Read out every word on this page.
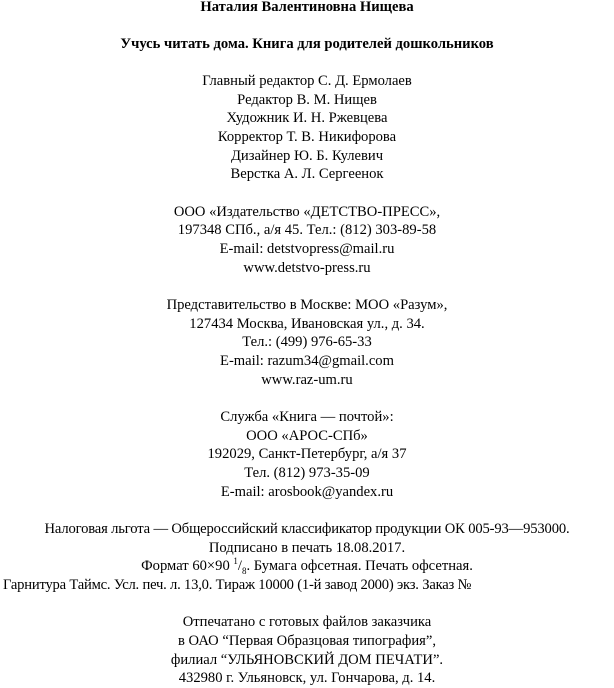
Наталия Валентиновна Нищева
Учусь читать дома. Книга для родителей дошкольников
Главный редактор С. Д. Ермолаев
Редактор В. М. Нищев
Художник И. Н. Ржевцева
Корректор Т. В. Никифорова
Дизайнер Ю. Б. Кулевич
Верстка А. Л. Сергеенок
ООО «Издательство «ДЕТСТВО-ПРЕСС»,
197348 СПб., а/я 45. Тел.: (812) 303-89-58
E-mail: detstvopress@mail.ru
www.detstvo-press.ru
Представительство в Москве: МОО «Разум»,
127434 Москва, Ивановская ул., д. 34.
Тел.: (499) 976-65-33
E-mail: razum34@gmail.com
www.raz-um.ru
Служба «Книга — почтой»:
ООО «АРОС-СПб»
192029, Санкт-Петербург, а/я 37
Тел. (812) 973-35-09
E-mail: arosbook@yandex.ru
Налоговая льгота — Общероссийский классификатор продукции ОК 005-93—953000.
Подписано в печать 18.08.2017.
Формат 60×90 $^1/_8$. Бумага офсетная. Печать офсетная.
Гарнитура Таймс. Усл. печ. л. 13,0. Тираж 10000 (1-й завод 2000) экз. Заказ №
Отпечатано с готовых файлов заказчика
в ОАО “Первая Образцовая типография”,
филиал “УЛЬЯНОВСКИЙ ДОМ ПЕЧАТИ”.
432980 г. Ульяновск, ул. Гончарова, д. 14.
